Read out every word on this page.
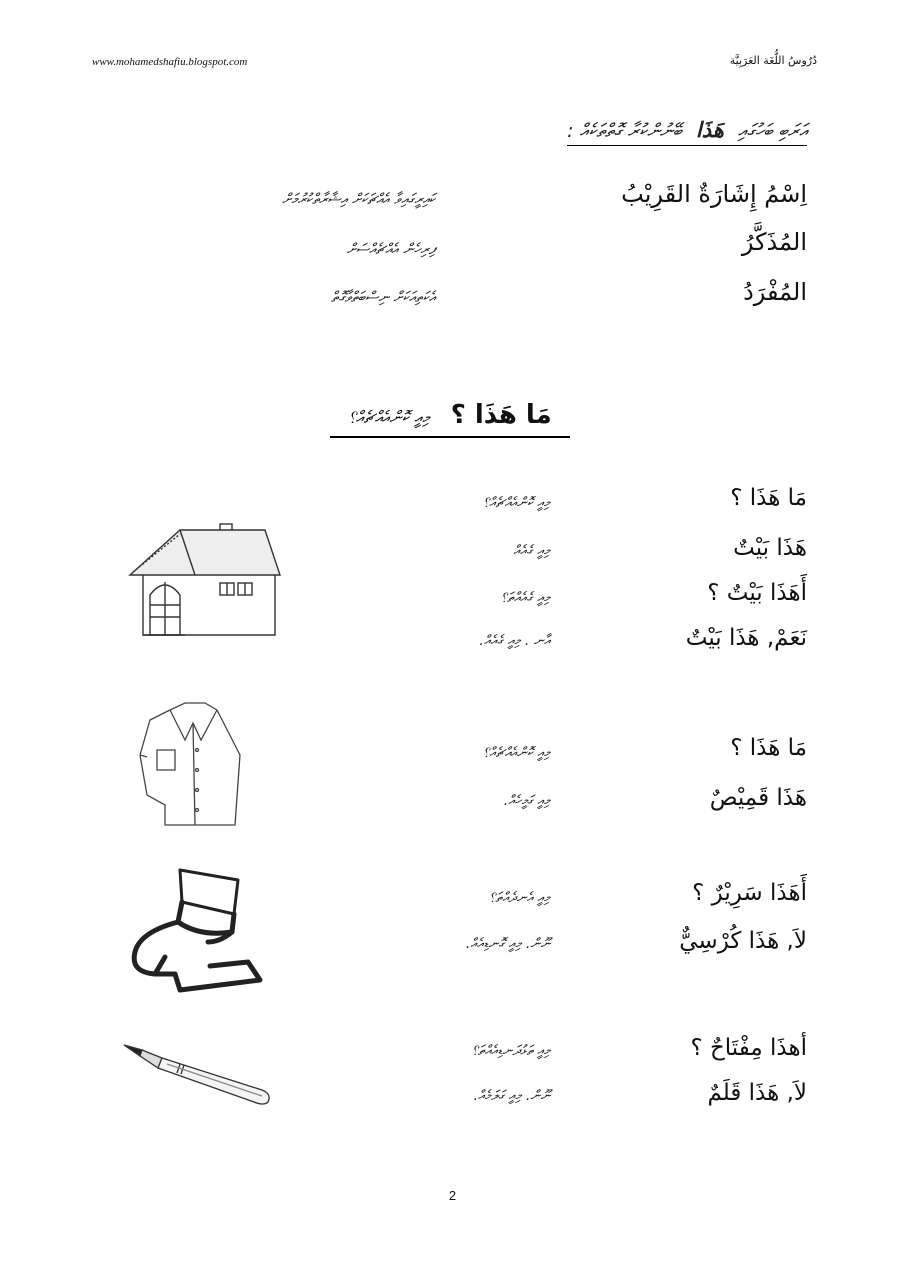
www.mohamedshafiu.blogspot.com	دُرُوسُ اللُّغَة العَرَبِيَّة
އަރަބި ބަހުގައި هَذَا ބޭނުންކުރާ ގޮތްތަކެއް :
اِسْمُ إِشَارَةٌ القَرِيْبُ
ކައިރީގައިވާ އެއްޗަކަށް އިޝާރާތްކުރުމަށް
المُذَكَّرُ
ފިރިހެން އެއްޗެއްސަށް
المُفْرَدُ
އެކަތިއަކަށް ނިސްބަތްވާގޮތް
مَا هَذَا ؟ މިއީ ކޮންއެއްޗެއް؟
مَا هَذَا ؟
މިއީ ކޮންއެއްޗެއް؟
هَذَا بَيْتٌ
މިއީ ގެއެއް
أَهَذَا بَيْتٌ ؟
މިއީ ގެއެއްތަ؟
نَعَمْ, هَذَا بَيْتٌ
އާނ . މިއީ ގެއެއް.
مَا هَذَا ؟
މިއީ ކޮންއެއްޗެއް؟
هَذَا قَمِيْصٌ
މިއީ ގަމީހެއް.
أَهَذَا سَرِيْرٌ ؟
މިއީ އެނދެއްތަ؟
لاَ, هَذَا كُرْسِيٌّ
ނޫން. މިއީ ގޮނޑިއެއް.
أهذَا مِفْتَاحٌ ؟
މިއީ ތަޅުދަނޑިއެއްތަ؟
لاَ, هَذَا قَلَمٌ
ނޫން. މިއީ ގަލަމެއް.
2
